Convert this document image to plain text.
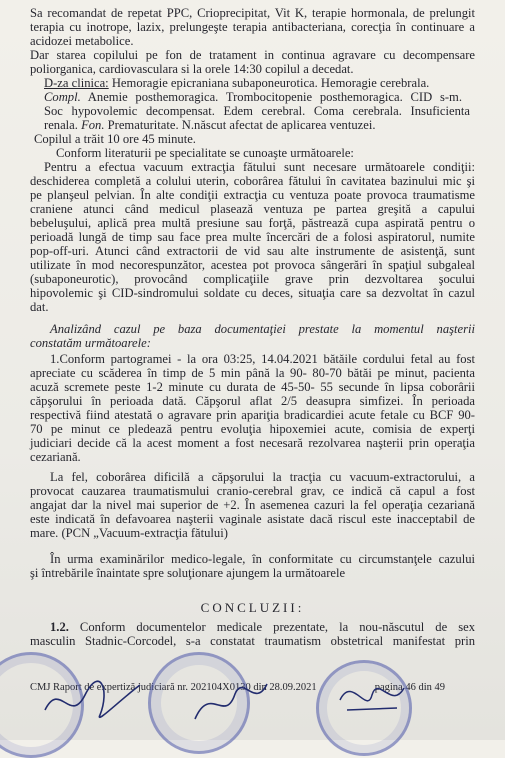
Sa recomandat de repetat PPC, Crioprecipitat, Vit K, terapie hormonala, de prelungit
terapia cu inotrope, lazix, prelungeşte terapia antibacteriana, corecţia în continuare a
acidozei metabolice.
Dar starea copilului pe fon de tratament in continua agravare cu decompensare
poliorganica, cardiovasculara si la orele 14:30 copilul a decedat.
D-za clinica: Hemoragie epicraniana subaponeurotica. Hemoragie cerebrala.
Compl. Anemie posthemoragica. Trombocitopenie posthemoragica. CID s-m.
Soc hypovolemic decompensat. Edem cerebral. Coma cerebrala. Insuficienta
renala. Fon. Prematuritate. N.născut afectat de aplicarea ventuzei.
Copilul a trăit 10 ore 45 minute.
Conform literaturii pe specialitate se cunoaşte următoarele:
Pentru a efectua vacuum extracţia fătului sunt necesare următoarele condiţii:
deschiderea completă a colului uterin, coborârea fătului în cavitatea bazinului mic şi
pe planşeul pelvian. În alte condiţii extracţia cu ventuza poate provoca traumatisme
craniene atunci când medicul plasează ventuza pe partea greşită a capului
bebeluşului, aplică prea multă presiune sau forţă, păstrează cupa aspirată pentru o
perioadă lungă de timp sau face prea multe încercări de a folosi aspiratorul, numite
pop-off-uri. Atunci când extractorii de vid sau alte instrumente de asistenţă, sunt
utilizate în mod necorespunzător, acestea pot provoca sângerări în spaţiul subgaleal
(subaponeurotic), provocând complicaţiile grave prin dezvoltarea şocului
hipovolemic şi CID-sindromului soldate cu deces, situaţia care sa dezvoltat în cazul
dat.
Analizând cazul pe baza documentaţiei prestate la momentul naşterii
constatăm următoarele:
1.Conform partogramei - la ora 03:25, 14.04.2021 bătăile cordului fetal au fost
apreciate cu scăderea în timp de 5 min până la 90- 80-70 bătăi pe minut, pacienta
acuză scremete peste 1-2 minute cu durata de 45-50- 55 secunde în lipsa coborârii
căpşorului în perioada dată. Căpşorul aflat 2/5 deasupra simfizei. În perioada
respectivă fiind atestată o agravare prin apariţia bradicardiei acute fetale cu BCF 90-
70 pe minut ce pledează pentru evoluţia hipoxemiei acute, comisia de experţi
judiciari decide că la acest moment a fost necesară rezolvarea naşterii prin operaţia
cezariană.
La fel, coborârea dificilă a căpşorului la tracţia cu vacuum-extractorului, a
provocat cauzarea traumatismului cranio-cerebral grav, ce indică că capul a fost
angajat dar la nivel mai superior de +2. În asemenea cazuri la fel operaţia cezariană
este indicată în defavoarea naşterii vaginale asistate dacă riscul este inacceptabil de
mare. (PCN „Vacuum-extracţia fătului)
În urma examinărilor medico-legale, în conformitate cu circumstanţele cazului
şi întrebările înaintate spre soluţionare ajungem la următoarele
CONCLUZII:
1.2. Conform documentelor medicale prezentate, la nou-născutul de sex
masculin Stadnic-Corcodel, s-a constatat traumatism obstetrical manifestat prin
CMJ Raport de expertiză judiciară nr. 202104X0130 din 28.09.2021	pagina 46 din 49
